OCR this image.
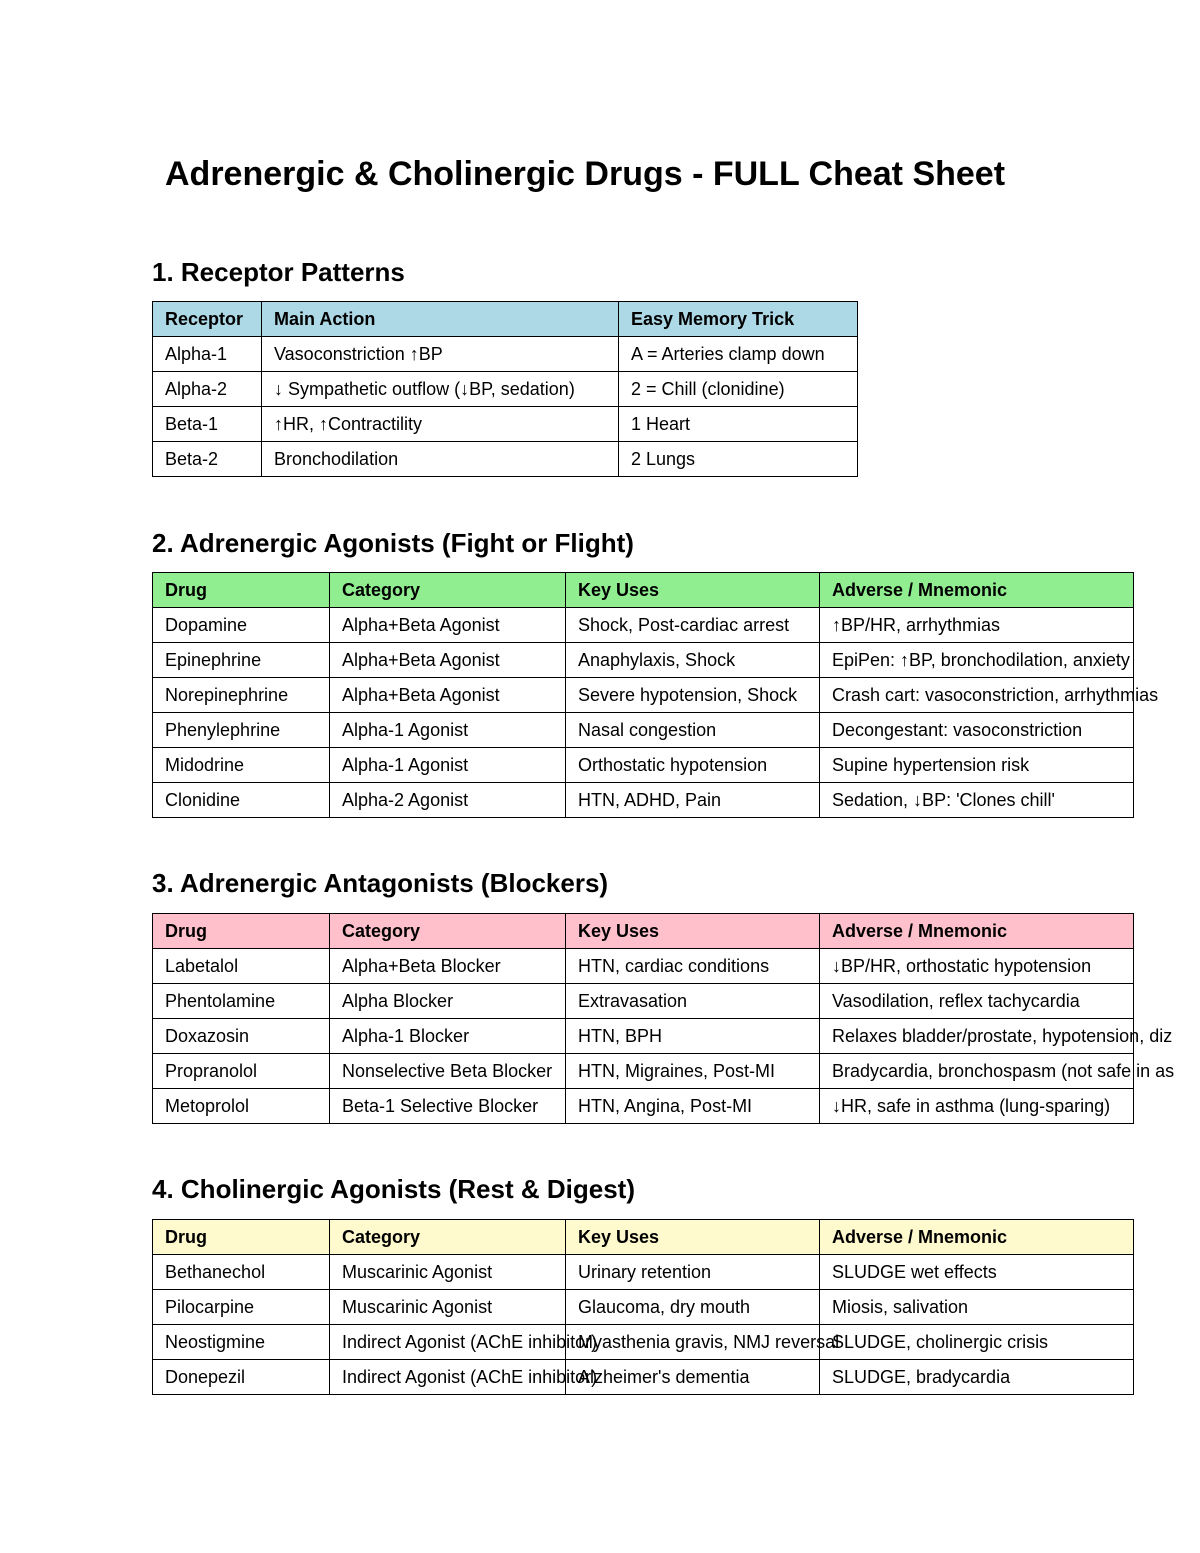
Adrenergic & Cholinergic Drugs - FULL Cheat Sheet
1. Receptor Patterns
Receptor	Main Action	Easy Memory Trick
Alpha-1	Vasoconstriction ↑BP	A = Arteries clamp down
Alpha-2	↓ Sympathetic outflow (↓BP, sedation)	2 = Chill (clonidine)
Beta-1	↑HR, ↑Contractility	1 Heart
Beta-2	Bronchodilation	2 Lungs
2. Adrenergic Agonists (Fight or Flight)
Drug	Category	Key Uses	Adverse / Mnemonic
Dopamine	Alpha+Beta Agonist	Shock, Post-cardiac arrest	↑BP/HR, arrhythmias
Epinephrine	Alpha+Beta Agonist	Anaphylaxis, Shock	EpiPen: ↑BP, bronchodilation, anxiety
Norepinephrine	Alpha+Beta Agonist	Severe hypotension, Shock	Crash cart: vasoconstriction, arrhythmias
Phenylephrine	Alpha-1 Agonist	Nasal congestion	Decongestant: vasoconstriction
Midodrine	Alpha-1 Agonist	Orthostatic hypotension	Supine hypertension risk
Clonidine	Alpha-2 Agonist	HTN, ADHD, Pain	Sedation, ↓BP: 'Clones chill'
3. Adrenergic Antagonists (Blockers)
Drug	Category	Key Uses	Adverse / Mnemonic
Labetalol	Alpha+Beta Blocker	HTN, cardiac conditions	↓BP/HR, orthostatic hypotension
Phentolamine	Alpha Blocker	Extravasation	Vasodilation, reflex tachycardia
Doxazosin	Alpha-1 Blocker	HTN, BPH	Relaxes bladder/prostate, hypotension, diz
Propranolol	Nonselective Beta Blocker	HTN, Migraines, Post-MI	Bradycardia, bronchospasm (not safe in as
Metoprolol	Beta-1 Selective Blocker	HTN, Angina, Post-MI	↓HR, safe in asthma (lung-sparing)
4. Cholinergic Agonists (Rest & Digest)
Drug	Category	Key Uses	Adverse / Mnemonic
Bethanechol	Muscarinic Agonist	Urinary retention	SLUDGE wet effects
Pilocarpine	Muscarinic Agonist	Glaucoma, dry mouth	Miosis, salivation
Neostigmine	Indirect Agonist (AChE inhibitor)	Myasthenia gravis, NMJ reversal	SLUDGE, cholinergic crisis
Donepezil	Indirect Agonist (AChE inhibitor)	Alzheimer's dementia	SLUDGE, bradycardia
